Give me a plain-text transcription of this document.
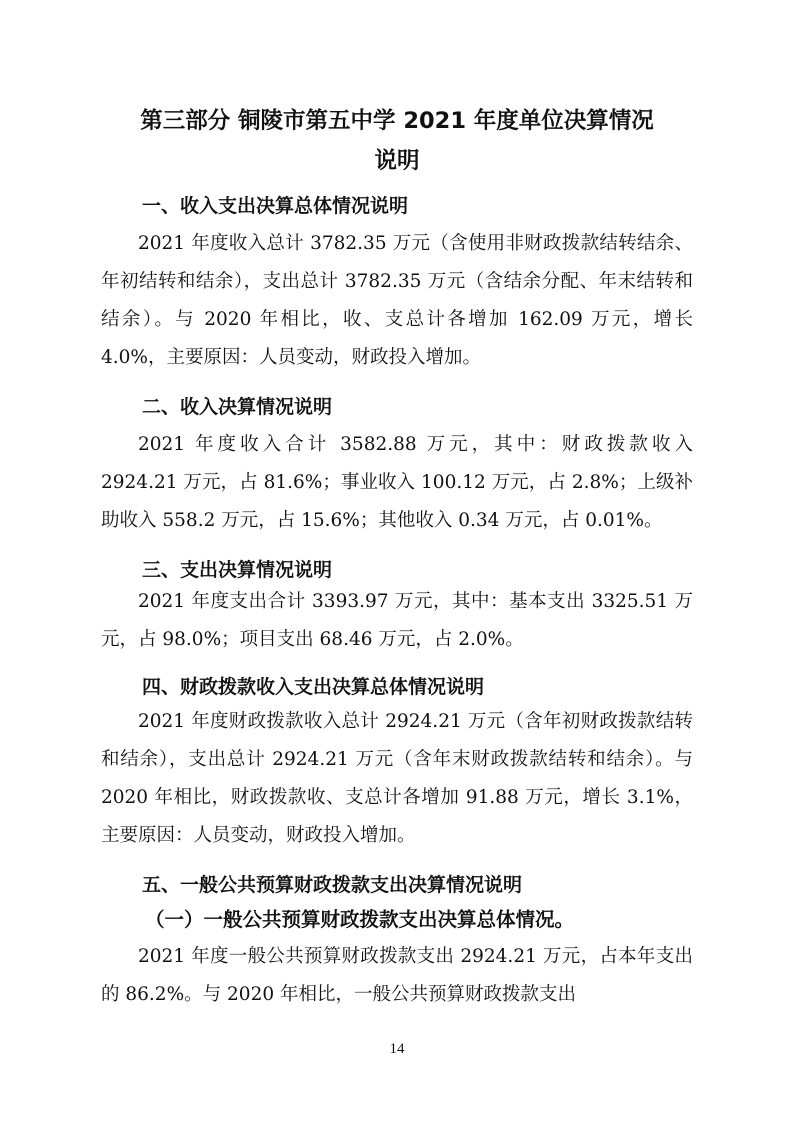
第三部分 铜陵市第五中学 2021 年度单位决算情况

说明

一、收入支出决算总体情况说明

2021 年度收入总计 3782.35 万元（含使用非财政拨款结转结余、年初结转和结余），支出总计 3782.35 万元（含结余分配、年末结转和结余）。与 2020 年相比，收、支总计各增加 162.09 万元，增长 4.0%，主要原因：人员变动，财政投入增加。

二、收入决算情况说明

2021 年度收入合计 3582.88 万元，其中：财政拨款收入 2924.21 万元，占 81.6%；事业收入 100.12 万元，占 2.8%；上级补助收入 558.2 万元，占 15.6%；其他收入 0.34 万元，占 0.01%。

三、支出决算情况说明

2021 年度支出合计 3393.97 万元，其中：基本支出 3325.51 万元，占 98.0%；项目支出 68.46 万元，占 2.0%。

四、财政拨款收入支出决算总体情况说明

2021 年度财政拨款收入总计 2924.21 万元（含年初财政拨款结转和结余），支出总计 2924.21 万元（含年末财政拨款结转和结余）。与 2020 年相比，财政拨款收、支总计各增加 91.88 万元，增长 3.1%，主要原因：人员变动，财政投入增加。

五、一般公共预算财政拨款支出决算情况说明

（一）一般公共预算财政拨款支出决算总体情况。

2021 年度一般公共预算财政拨款支出 2924.21 万元，占本年支出的 86.2%。与 2020 年相比，一般公共预算财政拨款支出

14
